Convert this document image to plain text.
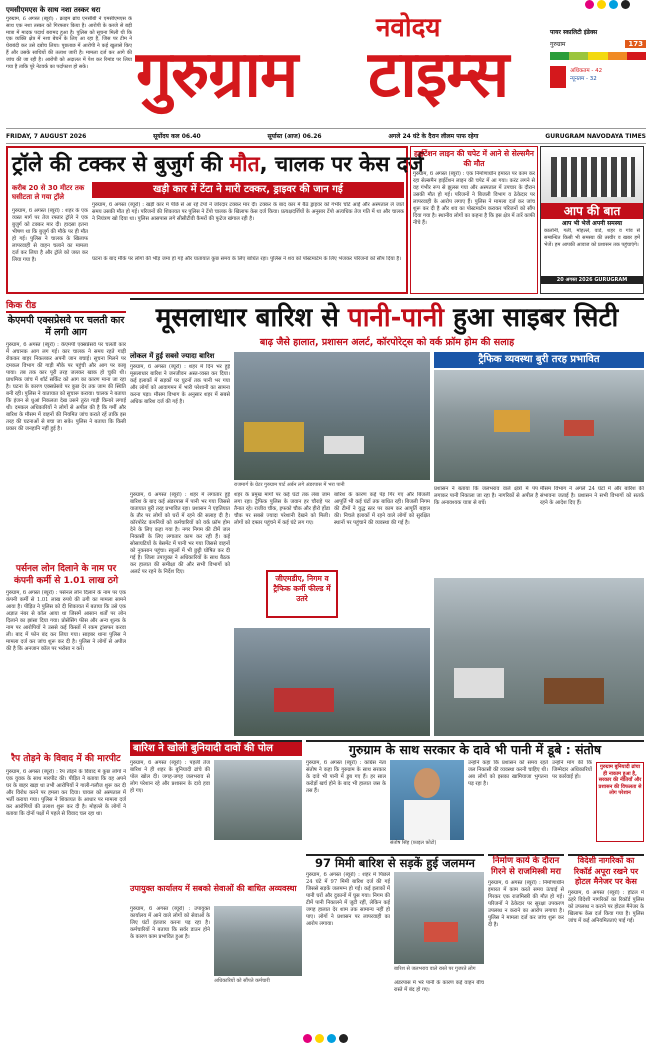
एमसीएमएस के साथ नशा तस्कर धरा
गुरुग्राम, 6 अगस्त (ब्यूरो) : क्राइम ब्रांच एनसीबी ने एमसीएमएस के साथ एक नशा तस्कर को गिरफ्तार किया है। आरोपी के कब्जे से बड़ी मात्रा में मादक पदार्थ बरामद हुआ है। पुलिस को सूचना मिली थी कि एक व्यक्ति क्षेत्र में नशा बेचने के लिए आ रहा है, जिस पर टीम ने घेराबंदी कर उसे दबोच लिया। पूछताछ में आरोपी ने कई खुलासे किए हैं और उसके साथियों की तलाश जारी है। मामला दर्ज कर आगे की जांच की जा रही है। आरोपी को अदालत में पेश कर रिमांड पर लिया गया है ताकि पूरे नेटवर्क का पर्दाफाश हो सके।
नवोदय
गुरुग्राम टाइम्स
पायर स्कालिटी इंडेक्स
गुरुग्राम	173
अधिकतम - 42
न्यूनतम - 32
FRIDAY, 7 AUGUST 2026	सूर्योदय कल 06.40	सूर्यास्त (आज) 06.26	अगले 24 घंटे के दैरान लीलम पाफ रहेगा	GURUGRAM NAVODAYA TIMES
ट्रॉले की टक्कर से बुजुर्ग की मौत, चालक पर केस दर्ज
करीब 20 से 30 मीटर तक घसीटता ले गया ट्रॉले
खड़ी कार में टेंटा ने मारी टक्कर, ड्राइवर की जान गई
गुरुग्राम, 6 अगस्त (ब्यूरो) : शहर के एक व्यस्त मार्ग पर तेज रफ्तार ट्रॉले ने एक बुजुर्ग को टक्कर मार दी। हादसा इतना भीषण था कि बुजुर्ग की मौके पर ही मौत हो गई। पुलिस ने चालक के खिलाफ लापरवाही से वाहन चलाने का मामला दर्ज कर लिया है और ट्रॉले को जब्त कर लिया गया है।
गुरुग्राम, 6 अगस्त (ब्यूरो) : खड़ी कार में पीछे से आ रहे टेंपो ने जोरदार टक्कर मार दी। टक्कर के बाद कार में बैठे ड्राइवर को गंभीर चोटें आईं और अस्पताल ले जाते समय उसकी मौत हो गई। परिजनों की शिकायत पर पुलिस ने टेंपो चालक के खिलाफ केस दर्ज किया। प्रत्यक्षदर्शियों के अनुसार टेंपो अत्यधिक तेज गति में था और चालक ने नियंत्रण खो दिया था। पुलिस आसपास लगे सीसीटीवी कैमरों की फुटेज खंगाल रही है।
घटना के बाद मौके पर लोगों की भीड़ जमा हो गई और यातायात कुछ समय के लिए बाधित रहा। पुलिस ने शव को पोस्टमार्टम के लिए भेजकर परिजनों को सौंप दिया है।
हाईटेंशन लाइन की चपेट में आने से सेल्समैन की मौत
गुरुग्राम, 6 अगस्त (ब्यूरो) : एक निर्माणाधीन इमारत पर काम कर रहा सेल्समैन हाईटेंशन लाइन की चपेट में आ गया। करंट लगने से वह गंभीर रूप से झुलस गया और अस्पताल में उपचार के दौरान उसकी मौत हो गई। परिजनों ने बिजली विभाग व ठेकेदार पर लापरवाही के आरोप लगाए हैं। पुलिस ने मामला दर्ज कर जांच शुरू कर दी है और शव का पोस्टमार्टम कराकर परिजनों को सौंप दिया गया है। स्थानीय लोगों का कहना है कि इस क्षेत्र में तारें काफी नीचे हैं।
आप की बात
आप भी भेजें अपनी समस्या
कालोनी, गली, मोहल्ले, वार्ड, शहर व गांव से सम्बन्धित किसी भी समस्या की तस्वीर व खबर हमें भेजें। हम आपकी आवाज को प्रशासन तक पहुंचाएंगे।
20 अगस्त 2026 GURUGRAM
किक रीड
केएमपी एक्सप्रेसवे पर चलती कार में लगी आग
गुरुग्राम, 6 अगस्त (ब्यूरो) : केएमपी एक्सप्रेसवे पर चलती कार में अचानक आग लग गई। कार चालक ने समय रहते गाड़ी रोककर बाहर निकलकर अपनी जान बचाई। सूचना मिलने पर दमकल विभाग की गाड़ी मौके पर पहुंची और आग पर काबू पाया। तब तक कार पूरी तरह जलकर खाक हो चुकी थी। प्राथमिक जांच में शॉर्ट सर्किट को आग का कारण माना जा रहा है। घटना के कारण एक्सप्रेसवे पर कुछ देर तक जाम की स्थिति बनी रही। पुलिस ने यातायात को सुचारू कराया। चालक ने बताया कि इंजन से धुआं निकलता देख उसने तुरंत गाड़ी किनारे लगाई थी। दमकल अधिकारियों ने लोगों से अपील की है कि गर्मी और बारिश के मौसम में वाहनों की नियमित जांच कराते रहें ताकि इस तरह की घटनाओं से बचा जा सके। पुलिस ने बताया कि किसी प्रकार की जनहानि नहीं हुई है।
पर्सनल लोन दिलाने के नाम पर कंपनी कर्मी से 1.01 लाख ठगे
गुरुग्राम, 6 अगस्त (ब्यूरो) : पर्सनल लोन दिलाने के नाम पर एक कंपनी कर्मी से 1.01 लाख रुपये की ठगी का मामला सामने आया है। पीड़ित ने पुलिस को दी शिकायत में बताया कि उसे एक अज्ञात नंबर से कॉल आया था जिसमें आसान शर्तों पर लोन दिलाने का झांसा दिया गया। प्रोसेसिंग फीस और अन्य शुल्क के नाम पर आरोपियों ने उससे कई किस्तों में रकम ट्रांसफर करवा ली। बाद में फोन बंद कर लिया गया। साइबर थाना पुलिस ने मामला दर्ज कर जांच शुरू कर दी है। पुलिस ने लोगों से अपील की है कि अनजान कॉल पर भरोसा न करें।
रैप तोड़ने के विवाद में की मारपीट
गुरुग्राम, 6 अगस्त (ब्यूरो) : रैप तोड़ने के विवाद में कुछ लोगों ने एक युवक के साथ मारपीट की। पीड़ित ने बताया कि वह अपने घर के बाहर खड़ा था तभी आरोपियों ने गाली-गलौज शुरू कर दी और विरोध करने पर हमला कर दिया। घायल को अस्पताल में भर्ती कराया गया। पुलिस ने शिकायत के आधार पर मामला दर्ज कर आरोपियों की तलाश शुरू कर दी है। मोहल्ले के लोगों ने बताया कि दोनों पक्षों में पहले से विवाद चल रहा था।
मूसलाधार बारिश से पानी-पानी हुआ साइबर सिटी
बाढ़ जैसे हालात, प्रशासन अलर्ट, कॉरपोरेट्स को वर्क फ्रॉम होम की सलाह
लोकल में हुई सबसे ज्यादा बारिश
गुरुग्राम, 6 अगस्त (ब्यूरो) : शहर में दिन भर हुई मूसलाधार बारिश ने जनजीवन अस्त-व्यस्त कर दिया। कई इलाकों में सड़कों पर घुटनों तक पानी भर गया और लोगों को आवागमन में भारी परेशानी का सामना करना पड़ा। मौसम विभाग के अनुसार शहर में सबसे अधिक बारिश दर्ज की गई है।
ट्रैफिक व्यवस्था बुरी तरह प्रभावित
राजमार्ग के ग्रेटर गुरुग्राम पार्ट अर्बन लगे अंडरपास में भरा पानी
गुरुग्राम, 6 अगस्त (ब्यूरो) : शहर में लगातार हुई बारिश के बाद कई अंडरपास में पानी भर गया जिससे यातायात बुरी तरह प्रभावित रहा। प्रशासन ने एहतियात के तौर पर लोगों को घरों में रहने की सलाह दी है। कॉरपोरेट कंपनियों को कर्मचारियों को वर्क फ्रॉम होम देने के लिए कहा गया है। नगर निगम की टीमें जल निकासी के लिए लगातार काम कर रही हैं। कई सोसायटियों के बेसमेंट में पानी भर गया जिससे वाहनों को नुकसान पहुंचा। स्कूलों में भी छुट्टी घोषित कर दी गई है। जिला उपायुक्त ने अधिकारियों के साथ बैठक कर हालात की समीक्षा की और सभी विभागों को अलर्ट पर रहने के निर्देश दिए।
शहर के प्रमुख मार्गों पर कई घंटों तक लंबा जाम लगा रहा। ट्रैफिक पुलिस के जवान हर चौराहे पर तैनात रहे। राजीव चौक, इफको चौक और हीरो होंडा चौक पर सबसे ज्यादा परेशानी देखने को मिली। लोगों को दफ्तर पहुंचने में कई घंटे लग गए।
जीएमडीए, निगम व ट्रैफिक कर्मी फील्ड में उतरे
बारिश के कारण कई पेड़ गिर गए और बिजली आपूर्ति भी कई घंटों तक बाधित रही। बिजली निगम की टीमों ने युद्ध स्तर पर काम कर आपूर्ति बहाल की। निचले इलाकों में रहने वाले लोगों को सुरक्षित स्थानों पर पहुंचाने की व्यवस्था की गई है।
प्रशासन ने बताया कि जलभराव वाले क्षेत्रों में पंप लगाकर पानी निकाला जा रहा है। नागरिकों से अपील है कि अनावश्यक यात्रा से बचें।
मौसम विभाग ने अगले 24 घंटों में और बारिश की संभावना जताई है। प्रशासन ने सभी विभागों को सतर्क रहने के आदेश दिए हैं।
बारिश ने खोली बुनियादी दावों की पोल
गुरुग्राम, 6 अगस्त (ब्यूरो) : पहली तेज बारिश ने ही शहर के बुनियादी ढांचे की पोल खोल दी। जगह-जगह जलभराव से लोग परेशान रहे और प्रशासन के दावे हवा हो गए।
उपायुक्त कार्यालय में सबको सेवाओं की बाधित अव्यवस्था
गुरुग्राम, 6 अगस्त (ब्यूरो) : उपायुक्त कार्यालय में आने वाले लोगों को सेवाओं के लिए घंटों इंतजार करना पड़ रहा है। कर्मचारियों ने बताया कि सर्वर डाउन होने के कारण काम प्रभावित हुआ है।
अधिकारियों को सौंपते कर्मचारी
गुरुग्राम के साथ सरकार के दावे भी पानी में डूबे : संतोष
गुरुग्राम, 6 अगस्त (ब्यूरो) : कांग्रेस नेता संतोष ने कहा कि गुरुग्राम के साथ सरकार के दावे भी पानी में डूब गए हैं। हर साल करोड़ों खर्च होने के बाद भी हालात जस के तस हैं।
संतोष सिंह (फ़ाइल फ़ोटो)
उन्होंने कहा कि प्रशासन को समय रहते जल निकासी की व्यवस्था करनी चाहिए थी। अब लोगों को इसका खामियाजा भुगतना पड़ रहा है।
उन्होंने मांग की कि जिम्मेदार अधिकारियों पर कार्रवाई हो।
गुरुग्राम बुनियादी ढांचा ही नाकाम हुआ है, सरकार की नीतियाँ और प्रशासन की विफलता से लोग परेशान
97 मिमी बारिश से सड़कें हुई जलमग्न
गुरुग्राम, 6 अगस्त (ब्यूरो) : शहर में पिछले 24 घंटे में 97 मिमी बारिश दर्ज की गई जिससे सड़कें जलमग्न हो गईं। कई इलाकों में पानी घरों और दुकानों में घुस गया। निगम की टीमें पानी निकालने में जुटी रहीं, लेकिन कई जगह हालात देर शाम तक सामान्य नहीं हो पाए। लोगों ने प्रशासन पर लापरवाही का आरोप लगाया।
बारिश से जलभराव वाले रास्ते पर गुजरते लोग
अंडरपास में भरे पानी के कारण कई वाहन बीच रास्ते में बंद हो गए।
निर्माण कार्य के दौरान गिरने से राजमिस्त्री मरा
गुरुग्राम, 6 अगस्त (ब्यूरो) : निर्माणाधीन इमारत में काम करते समय ऊंचाई से गिरकर एक राजमिस्त्री की मौत हो गई। परिजनों ने ठेकेदार पर सुरक्षा उपकरण उपलब्ध न कराने का आरोप लगाया है। पुलिस ने मामला दर्ज कर जांच शुरू कर दी है।
विदेशी नागरिकों का रिकॉर्ड अपूरा रखने पर होटल मैनेजर पर केस
गुरुग्राम, 6 अगस्त (ब्यूरो) : होटल में ठहरे विदेशी नागरिकों का रिकॉर्ड पुलिस को उपलब्ध न कराने पर होटल मैनेजर के खिलाफ केस दर्ज किया गया है। पुलिस जांच में कई अनियमितताएं पाई गईं।
